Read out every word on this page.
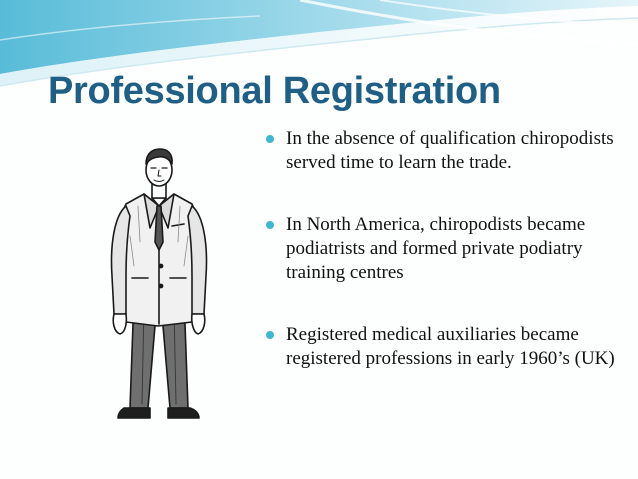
Professional Registration
In the absence of qualification chiropodists served time to learn the trade.
In North America, chiropodists became podiatrists and formed private podiatry training centres
Registered medical auxiliaries became registered professions in early 1960’s (UK)
